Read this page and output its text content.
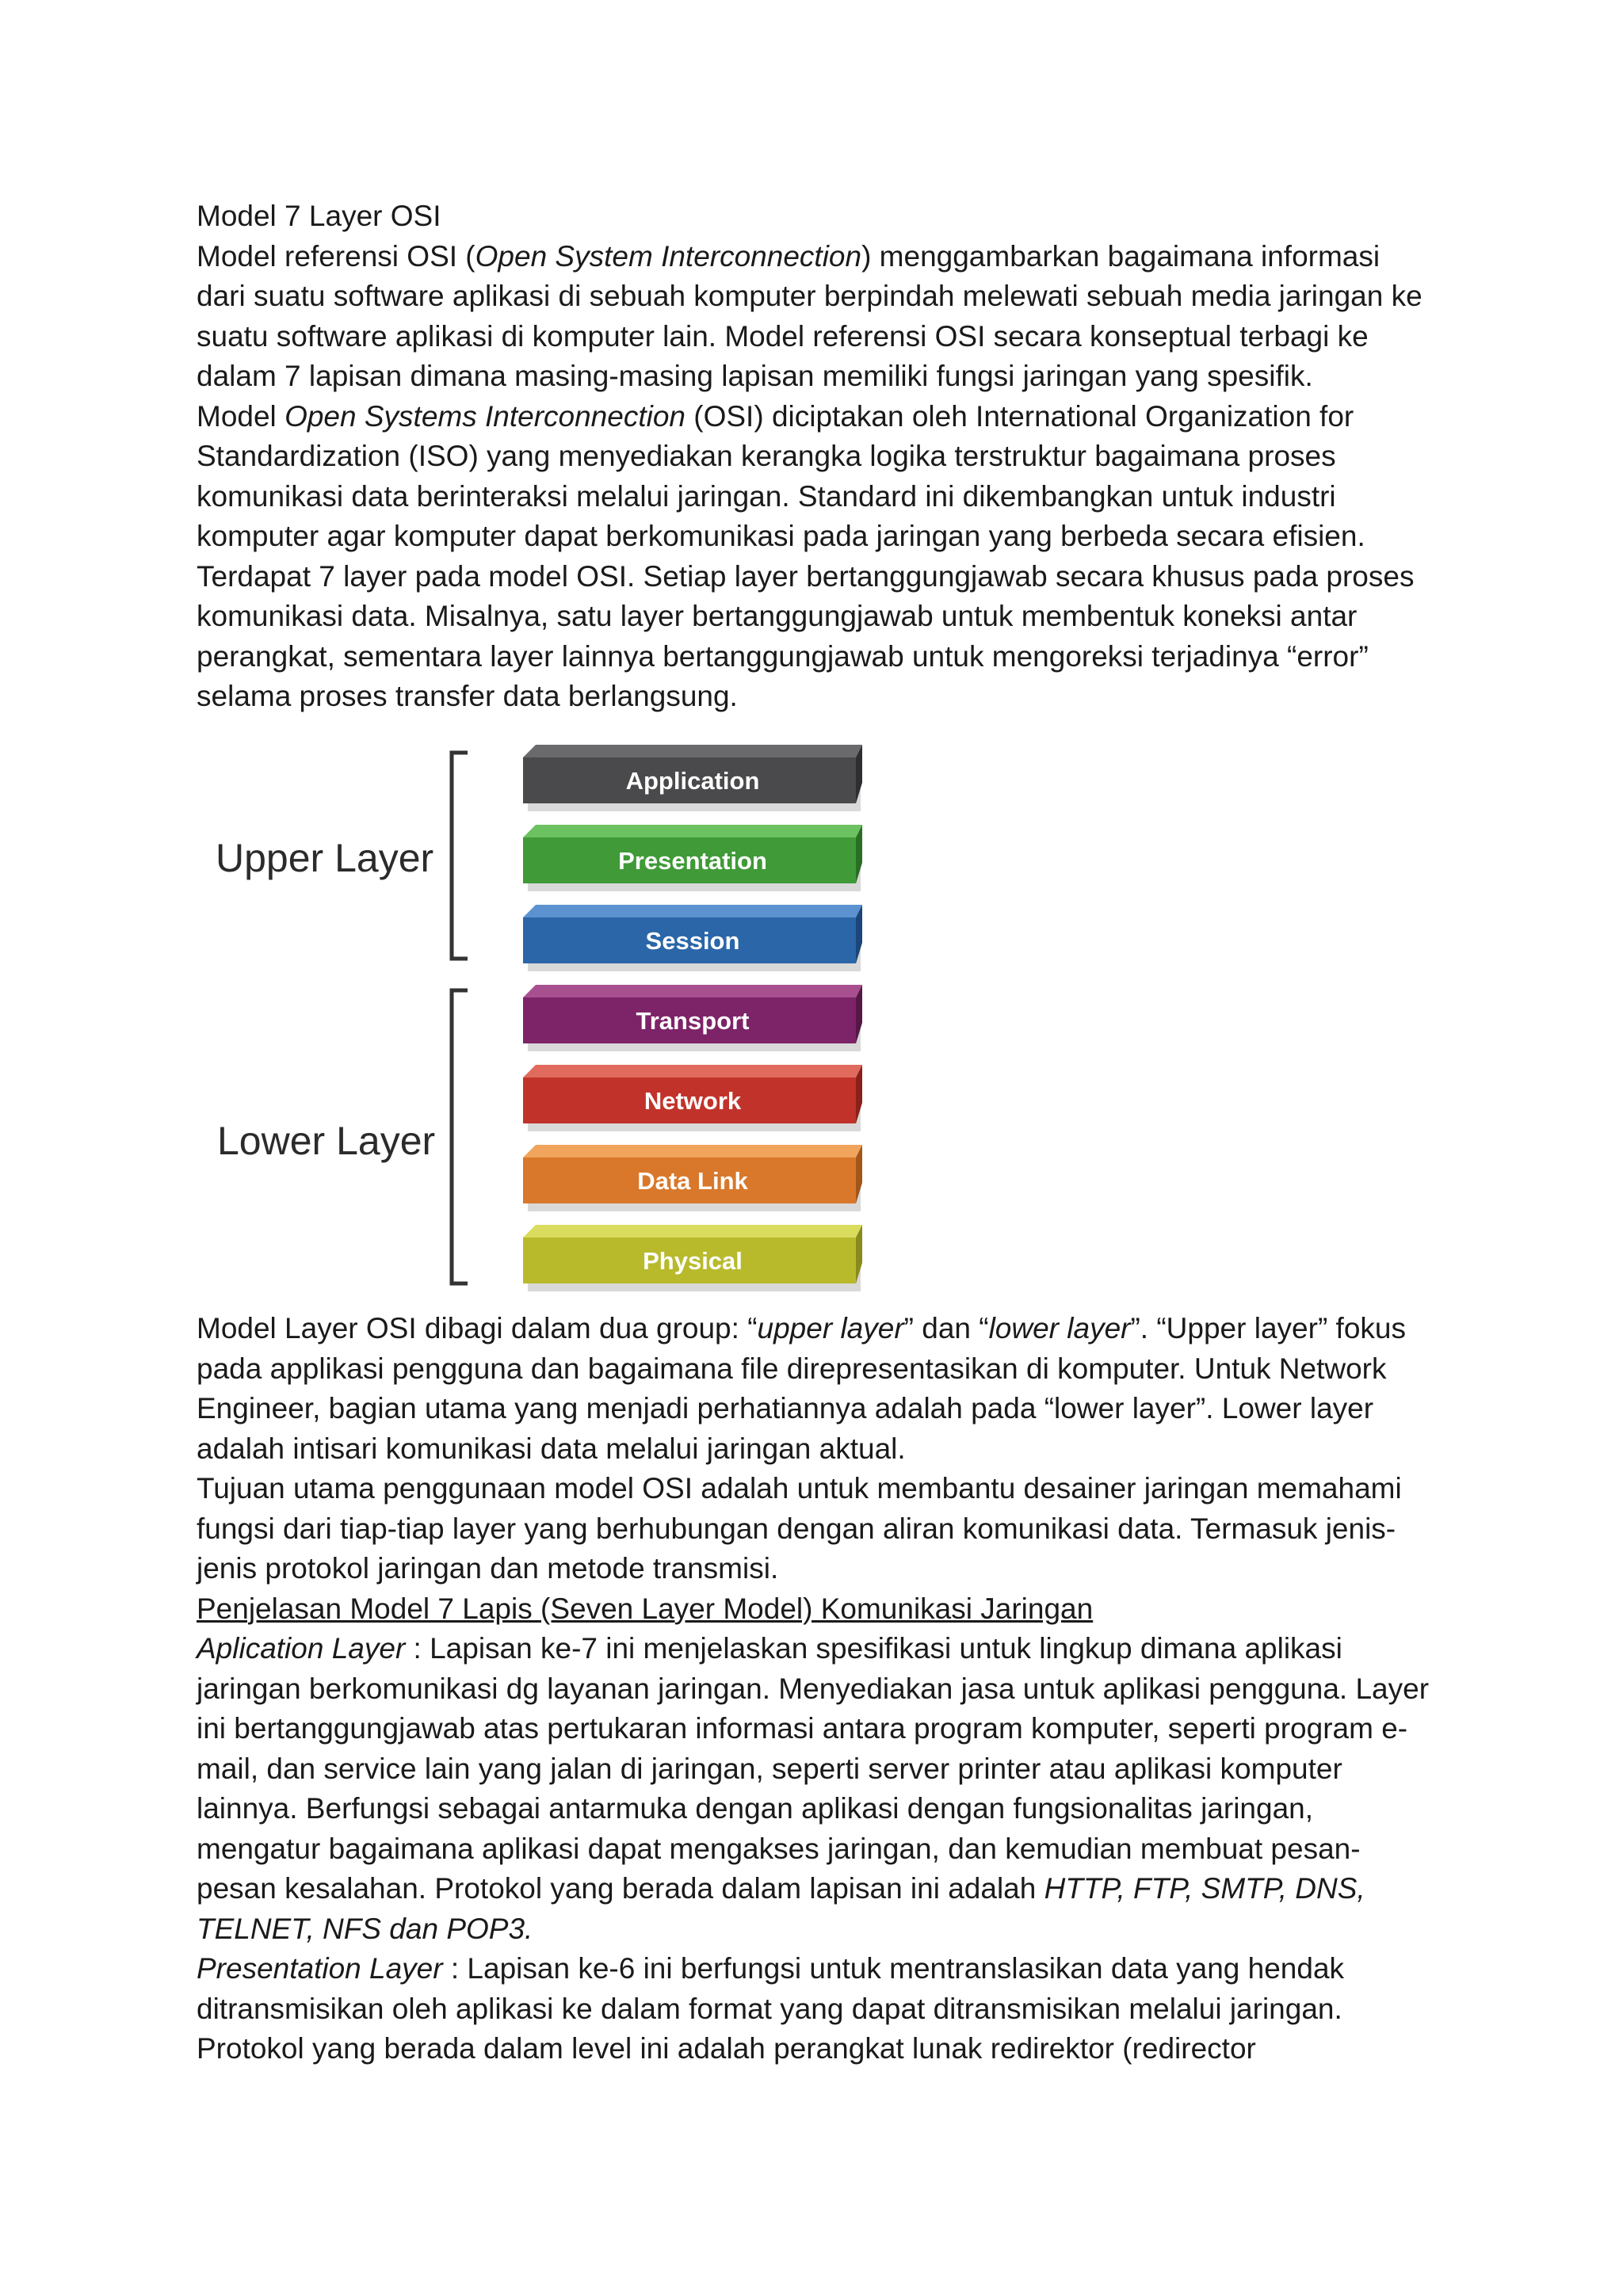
Model 7 Layer OSI

Model referensi OSI (Open System Interconnection) menggambarkan bagaimana informasi dari suatu software aplikasi di sebuah komputer berpindah melewati sebuah media jaringan ke suatu software aplikasi di komputer lain. Model referensi OSI secara konseptual terbagi ke dalam 7 lapisan dimana masing-masing lapisan memiliki fungsi jaringan yang spesifik.

Model Open Systems Interconnection (OSI) diciptakan oleh International Organization for Standardization (ISO) yang menyediakan kerangka logika terstruktur bagaimana proses komunikasi data berinteraksi melalui jaringan. Standard ini dikembangkan untuk industri komputer agar komputer dapat berkomunikasi pada jaringan yang berbeda secara efisien.

Terdapat 7 layer pada model OSI. Setiap layer bertanggungjawab secara khusus pada proses komunikasi data. Misalnya, satu layer bertanggungjawab untuk membentuk koneksi antar perangkat, sementara layer lainnya bertanggungjawab untuk mengoreksi terjadinya “error” selama proses transfer data berlangsung.

Upper Layer
Lower Layer
Application
Presentation
Session
Transport
Network
Data Link
Physical

Model Layer OSI dibagi dalam dua group: “upper layer” dan “lower layer”. “Upper layer” fokus pada applikasi pengguna dan bagaimana file direpresentasikan di komputer. Untuk Network Engineer, bagian utama yang menjadi perhatiannya adalah pada “lower layer”. Lower layer adalah intisari komunikasi data melalui jaringan aktual.

Tujuan utama penggunaan model OSI adalah untuk membantu desainer jaringan memahami fungsi dari tiap-tiap layer yang berhubungan dengan aliran komunikasi data. Termasuk jenis-jenis protokol jaringan dan metode transmisi.

Penjelasan Model 7 Lapis (Seven Layer Model) Komunikasi Jaringan

Aplication Layer : Lapisan ke-7 ini menjelaskan spesifikasi untuk lingkup dimana aplikasi jaringan berkomunikasi dg layanan jaringan. Menyediakan jasa untuk aplikasi pengguna. Layer ini bertanggungjawab atas pertukaran informasi antara program komputer, seperti program e-mail, dan service lain yang jalan di jaringan, seperti server printer atau aplikasi komputer lainnya. Berfungsi sebagai antarmuka dengan aplikasi dengan fungsionalitas jaringan, mengatur bagaimana aplikasi dapat mengakses jaringan, dan kemudian membuat pesan-pesan kesalahan. Protokol yang berada dalam lapisan ini adalah HTTP, FTP, SMTP, DNS, TELNET, NFS dan POP3.

Presentation Layer : Lapisan ke-6 ini berfungsi untuk mentranslasikan data yang hendak ditransmisikan oleh aplikasi ke dalam format yang dapat ditransmisikan melalui jaringan. Protokol yang berada dalam level ini adalah perangkat lunak redirektor (redirector
